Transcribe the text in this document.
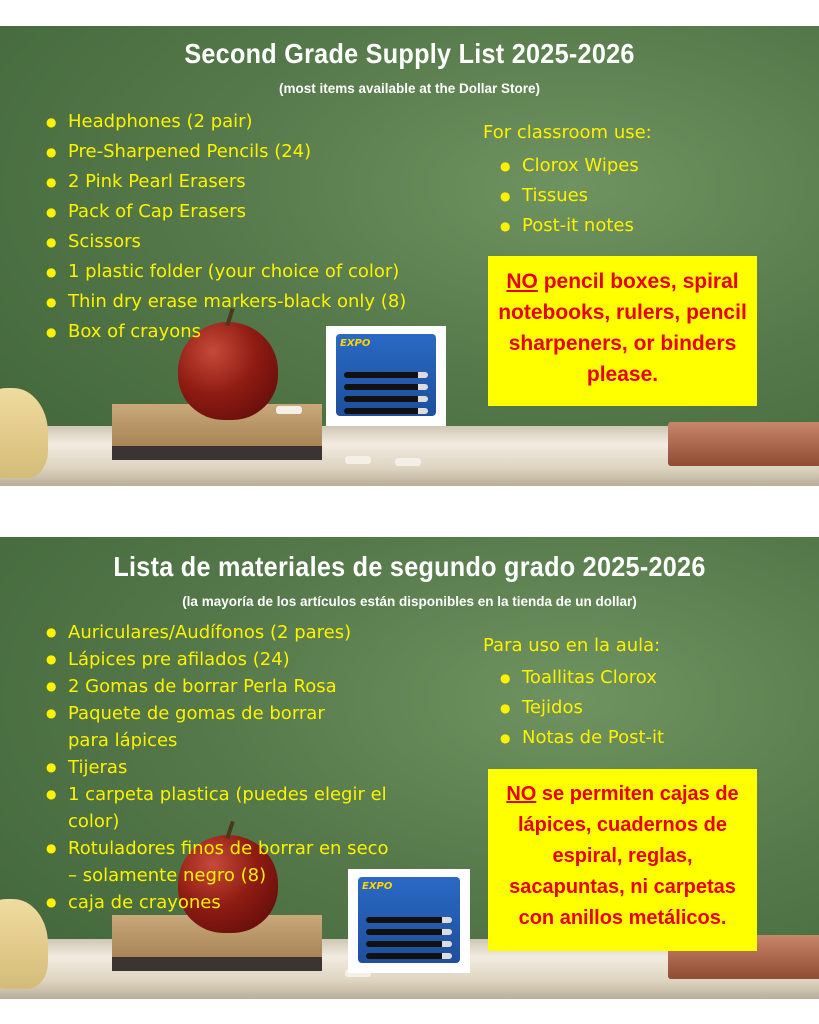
EXPO
Second Grade Supply List 2025-2026
(most items available at the Dollar Store)
● Headphones (2 pair)
● Pre-Sharpened Pencils (24)
● 2 Pink Pearl Erasers
● Pack of Cap Erasers
● Scissors
● 1 plastic folder (your choice of color)
● Thin dry erase markers-black only (8)
● Box of crayons
For classroom use:
● Clorox Wipes
● Tissues
● Post-it notes
NO pencil boxes, spiral notebooks, rulers, pencil sharpeners, or binders please.
EXPO
Lista de materiales de segundo grado 2025-2026
(la mayoría de los artículos están disponibles en la tienda de un dollar)
● Auriculares/Audífonos (2 pares)
● Lápices pre afilados (24)
● 2 Gomas de borrar Perla Rosa
● Paquete de gomas de borrar para lápices
● Tijeras
● 1 carpeta plastica (puedes elegir el color)
● Rotuladores finos de borrar en seco – solamente negro (8)
● caja de crayones
Para uso en la aula:
● Toallitas Clorox
● Tejidos
● Notas de Post-it
NO se permiten cajas de lápices, cuadernos de espiral, reglas, sacapuntas, ni carpetas con anillos metálicos.
